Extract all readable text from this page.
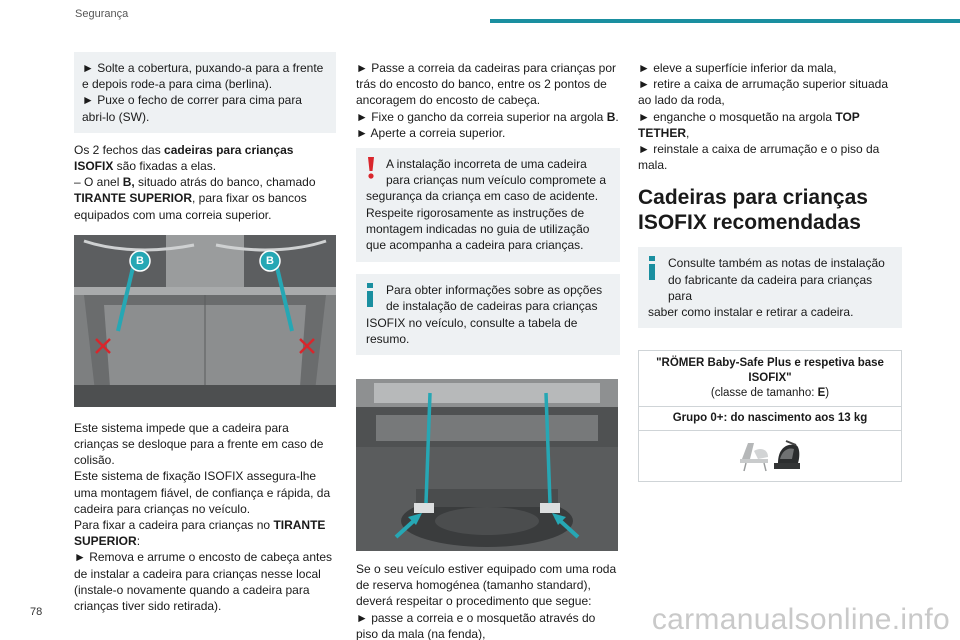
Segurança
► Solte a cobertura, puxando-a para a frente e depois rode-a para cima (berlina).
► Puxe o fecho de correr para cima para abri-lo (SW).
Os 2 fechos das cadeiras para crianças ISOFIX são fixadas a elas.
– O anel B, situado atrás do banco, chamado TIRANTE SUPERIOR, para fixar os bancos equipados com uma correia superior.
B	B
Este sistema impede que a cadeira para crianças se desloque para a frente em caso de colisão.
Este sistema de fixação ISOFIX assegura-lhe uma montagem fiável, de confiança e rápida, da cadeira para crianças no veículo.
Para fixar a cadeira para crianças no TIRANTE SUPERIOR:
► Remova e arrume o encosto de cabeça antes de instalar a cadeira para crianças nesse local (instale-o novamente quando a cadeira para crianças tiver sido retirada).
► Passe a correia da cadeiras para crianças por trás do encosto do banco, entre os 2 pontos de ancoragem do encosto de cabeça.
► Fixe o gancho da correia superior na argola B.
► Aperte a correia superior.
A instalação incorreta de uma cadeira para crianças num veículo compromete a
segurança da criança em caso de acidente. Respeite rigorosamente as instruções de montagem indicadas no guia de utilização que acompanha a cadeira para crianças.
Para obter informações sobre as opções de instalação de cadeiras para crianças
ISOFIX no veículo, consulte a tabela de resumo.
Se o seu veículo estiver equipado com uma roda de reserva homogénea (tamanho standard), deverá respeitar o procedimento que segue:
► passe a correia e o mosquetão através do piso da mala (na fenda),
► eleve a superfície inferior da mala,
► retire a caixa de arrumação superior situada ao lado da roda,
► enganche o mosquetão na argola TOP TETHER,
► reinstale a caixa de arrumação e o piso da mala.
Cadeiras para crianças ISOFIX recomendadas
Consulte também as notas de instalação do fabricante da cadeira para crianças para
saber como instalar e retirar a cadeira.
"RÖMER Baby-Safe Plus e respetiva base ISOFIX"
(classe de tamanho: E)
Grupo 0+: do nascimento aos 13 kg
78	carmanualsonline.info
